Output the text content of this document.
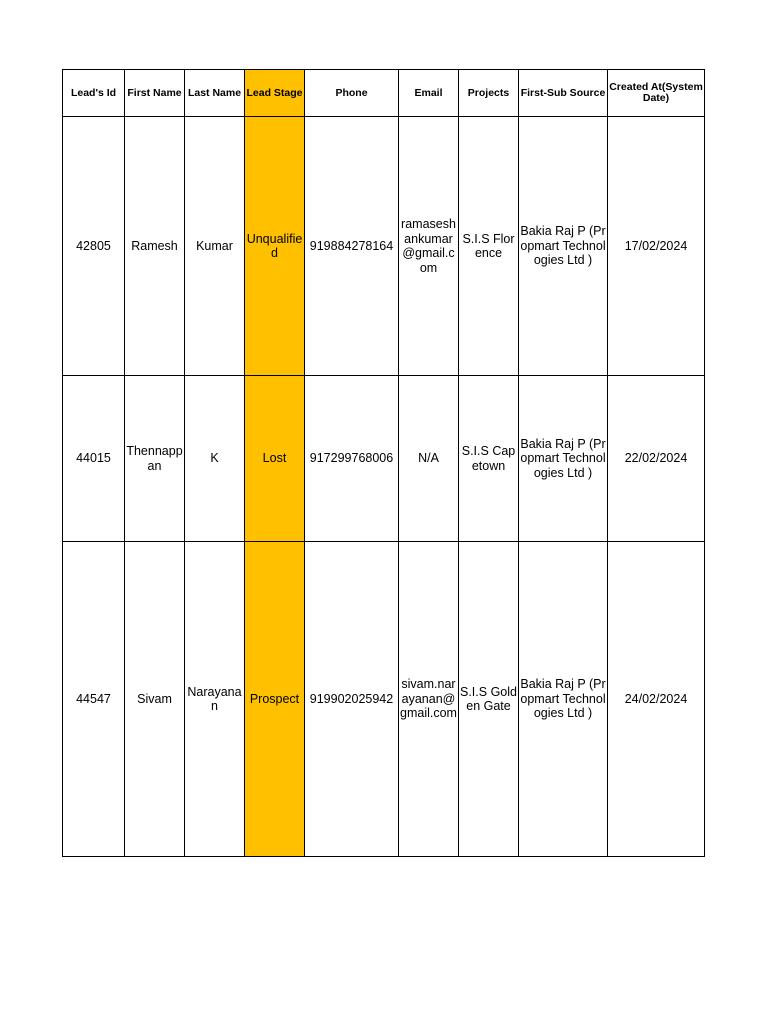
Lead's Id	First Name	Last Name	Lead Stage	Phone	Email	Projects	First-Sub Source	Created At(System Date)
42805	Ramesh	Kumar	Unqualified	919884278164	ramaseshankumar@gmail.com	S.I.S Florence	Bakia Raj P (Propmart Technologies Ltd )	17/02/2024
44015	Thennappan	K	Lost	917299768006	N/A	S.I.S Capetown	Bakia Raj P (Propmart Technologies Ltd )	22/02/2024
44547	Sivam	Narayanan	Prospect	919902025942	sivam.narayanan@gmail.com	S.I.S Golden Gate	Bakia Raj P (Propmart Technologies Ltd )	24/02/2024
